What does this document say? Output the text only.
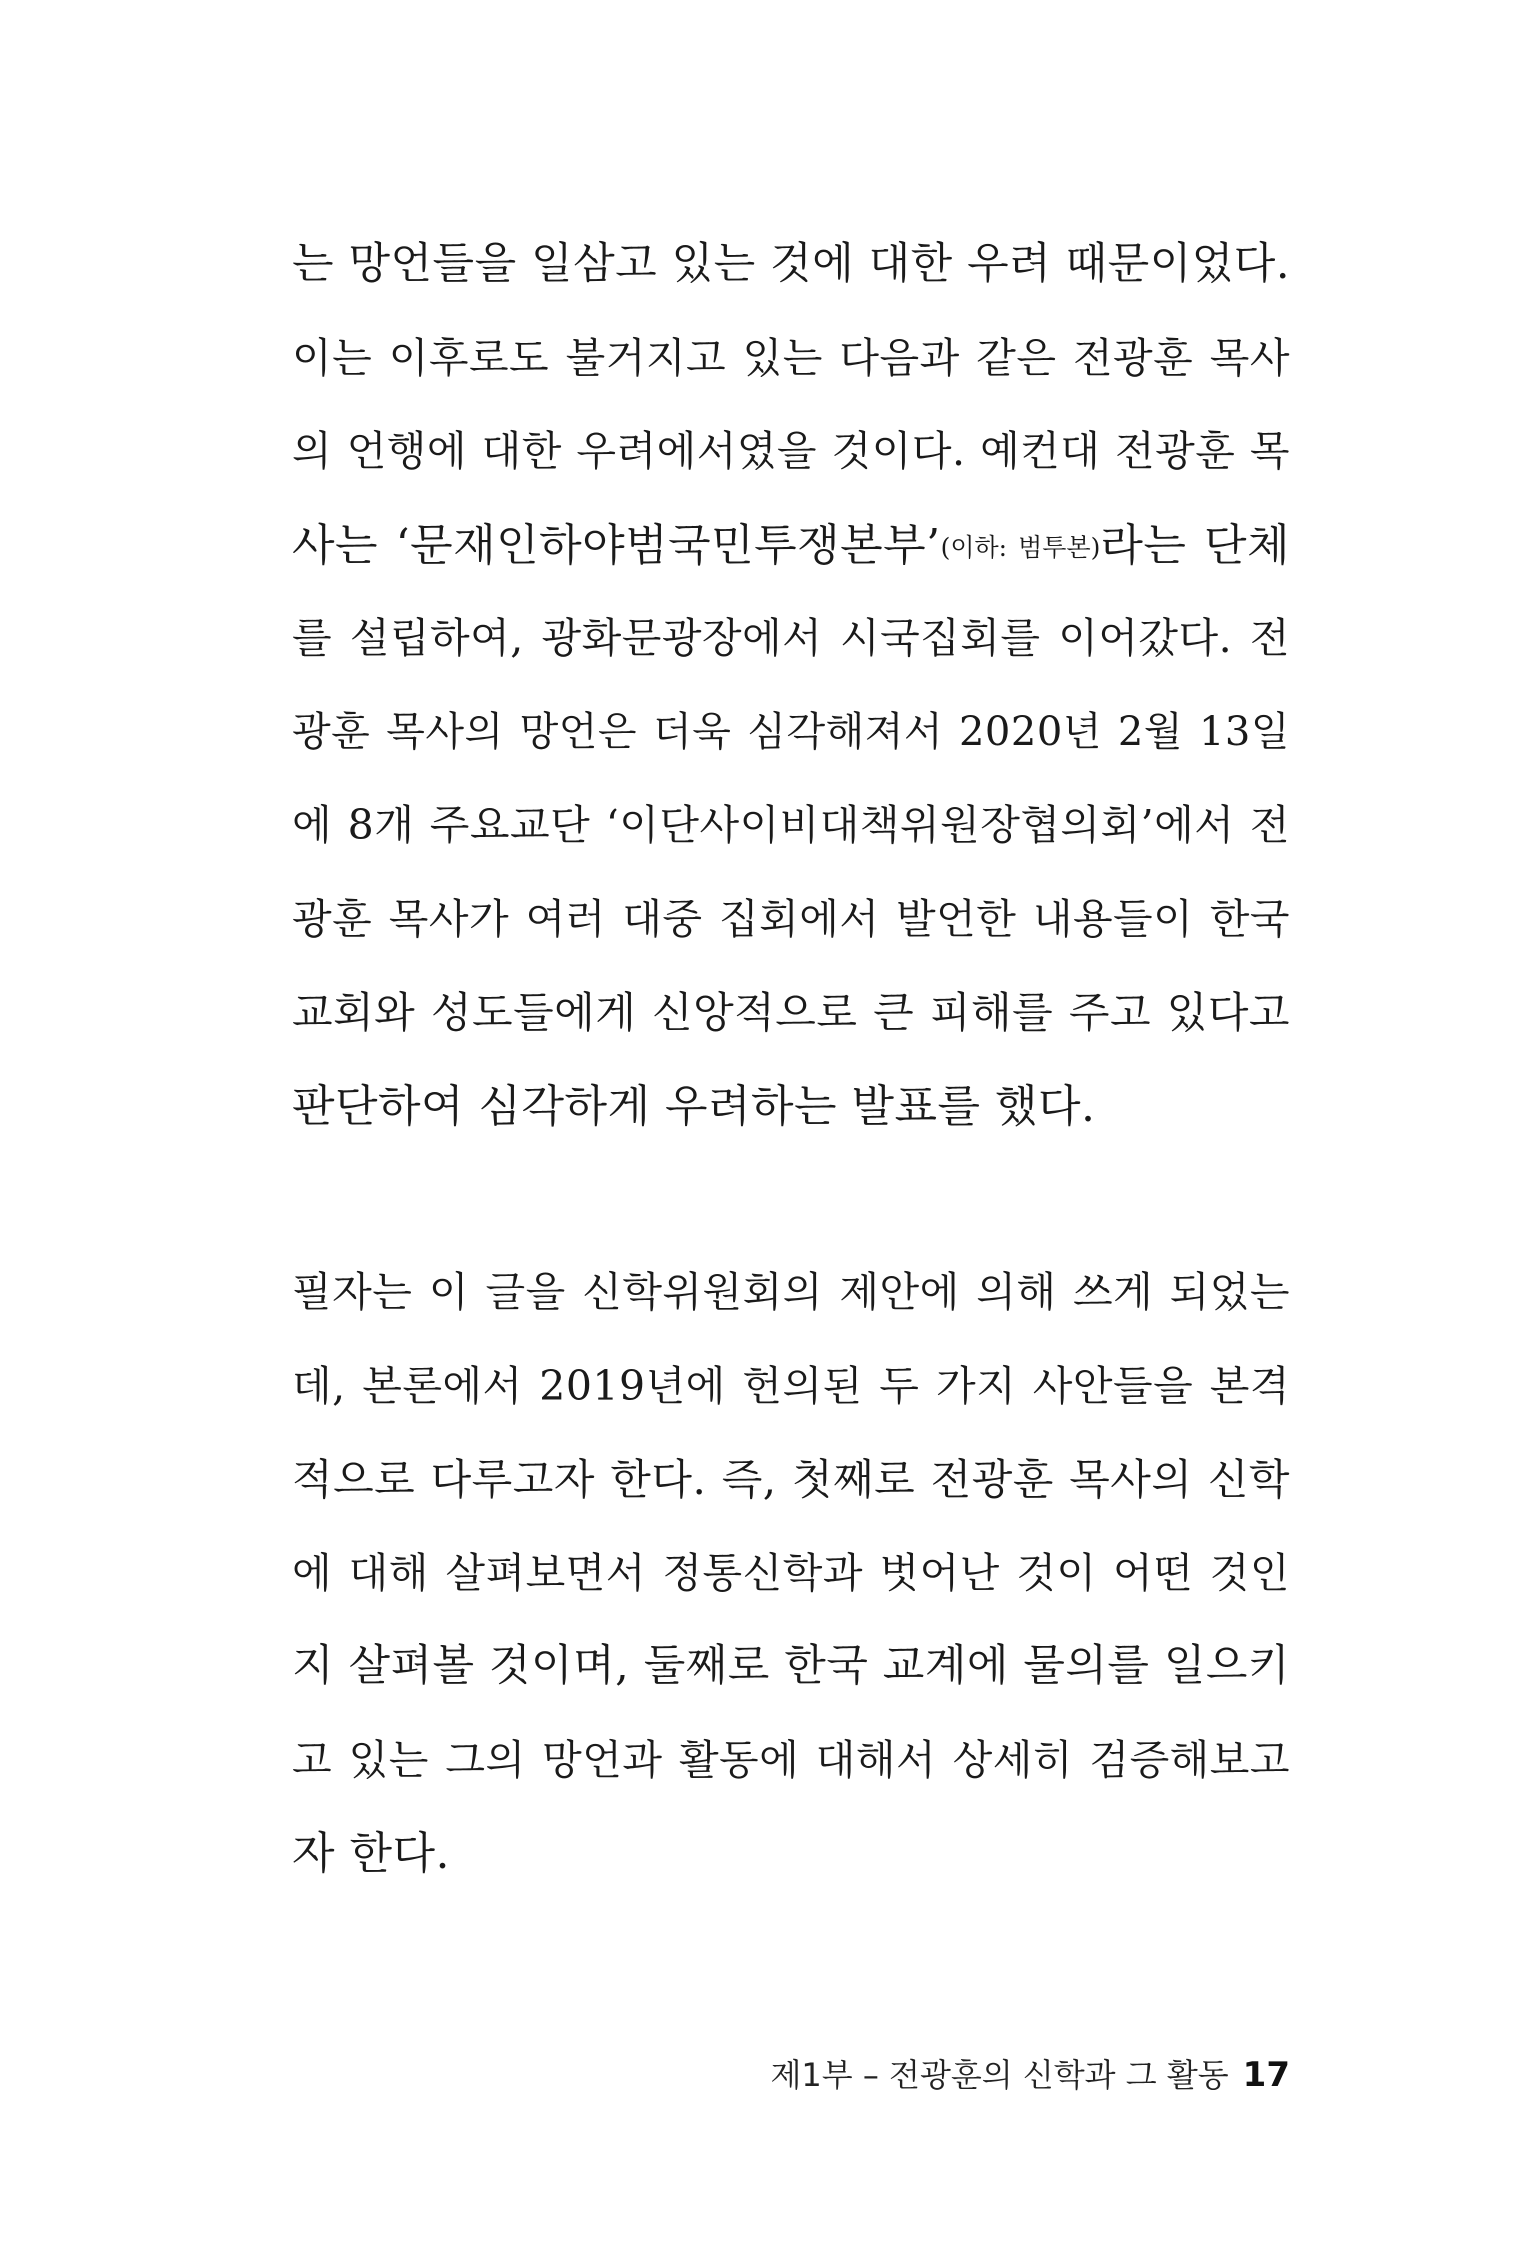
는 망언들을 일삼고 있는 것에 대한 우려 때문이었다.
이는 이후로도 불거지고 있는 다음과 같은 전광훈 목사
의 언행에 대한 우려에서였을 것이다. 예컨대 전광훈 목
사는 ‘문재인하야범국민투쟁본부’(이하: 범투본)라는 단체
를 설립하여, 광화문광장에서 시국집회를 이어갔다. 전
광훈 목사의 망언은 더욱 심각해져서 2020년 2월 13일
에 8개 주요교단 ‘이단사이비대책위원장협의회’에서 전
광훈 목사가 여러 대중 집회에서 발언한 내용들이 한국
교회와 성도들에게 신앙적으로 큰 피해를 주고 있다고
판단하여 심각하게 우려하는 발표를 했다.
필자는 이 글을 신학위원회의 제안에 의해 쓰게 되었는
데, 본론에서 2019년에 헌의된 두 가지 사안들을 본격
적으로 다루고자 한다. 즉, 첫째로 전광훈 목사의 신학
에 대해 살펴보면서 정통신학과 벗어난 것이 어떤 것인
지 살펴볼 것이며, 둘째로 한국 교계에 물의를 일으키
고 있는 그의 망언과 활동에 대해서 상세히 검증해보고
자 한다.
제1부 – 전광훈의 신학과 그 활동 17
